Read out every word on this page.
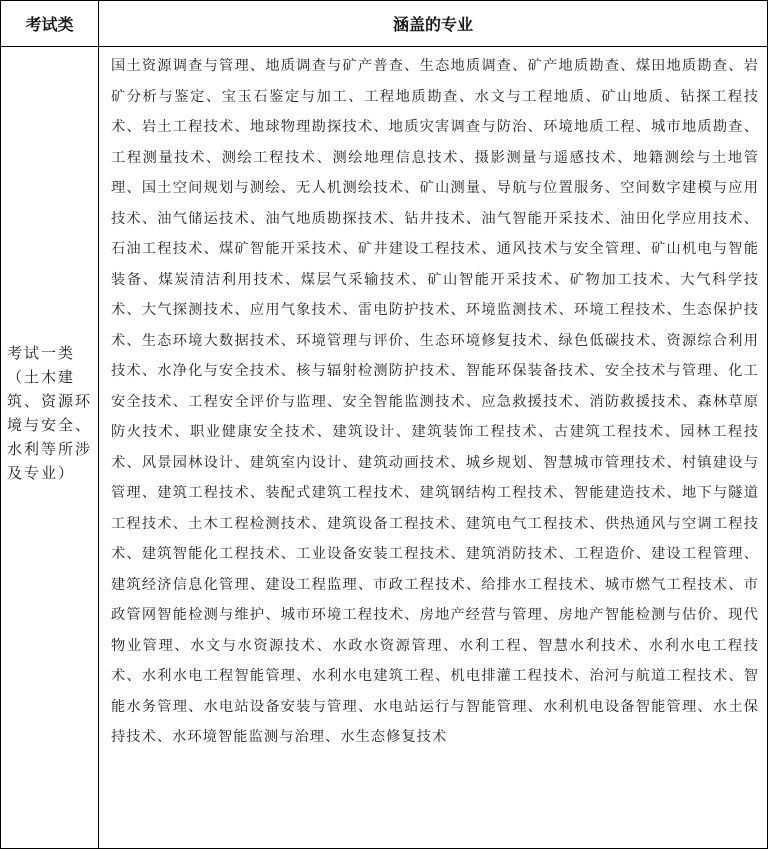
考试类	涵盖的专业
考试一类（土木建筑、资源环境与安全、水利等所涉及专业）
国土资源调查与管理、地质调查与矿产普查、生态地质调查、矿产地质勘查、煤田地质勘查、岩矿分析与鉴定、宝玉石鉴定与加工、工程地质勘查、水文与工程地质、矿山地质、钻探工程技术、岩土工程技术、地球物理勘探技术、地质灾害调查与防治、环境地质工程、城市地质勘查、工程测量技术、测绘工程技术、测绘地理信息技术、摄影测量与遥感技术、地籍测绘与土地管理、国土空间规划与测绘、无人机测绘技术、矿山测量、导航与位置服务、空间数字建模与应用技术、油气储运技术、油气地质勘探技术、钻井技术、油气智能开采技术、油田化学应用技术、石油工程技术、煤矿智能开采技术、矿井建设工程技术、通风技术与安全管理、矿山机电与智能装备、煤炭清洁利用技术、煤层气采输技术、矿山智能开采技术、矿物加工技术、大气科学技术、大气探测技术、应用气象技术、雷电防护技术、环境监测技术、环境工程技术、生态保护技术、生态环境大数据技术、环境管理与评价、生态环境修复技术、绿色低碳技术、资源综合利用技术、水净化与安全技术、核与辐射检测防护技术、智能环保装备技术、安全技术与管理、化工安全技术、工程安全评价与监理、安全智能监测技术、应急救援技术、消防救援技术、森林草原防火技术、职业健康安全技术、建筑设计、建筑装饰工程技术、古建筑工程技术、园林工程技术、风景园林设计、建筑室内设计、建筑动画技术、城乡规划、智慧城市管理技术、村镇建设与管理、建筑工程技术、装配式建筑工程技术、建筑钢结构工程技术、智能建造技术、地下与隧道工程技术、土木工程检测技术、建筑设备工程技术、建筑电气工程技术、供热通风与空调工程技术、建筑智能化工程技术、工业设备安装工程技术、建筑消防技术、工程造价、建设工程管理、建筑经济信息化管理、建设工程监理、市政工程技术、给排水工程技术、城市燃气工程技术、市政管网智能检测与维护、城市环境工程技术、房地产经营与管理、房地产智能检测与估价、现代物业管理、水文与水资源技术、水政水资源管理、水利工程、智慧水利技术、水利水电工程技术、水利水电工程智能管理、水利水电建筑工程、机电排灌工程技术、治河与航道工程技术、智能水务管理、水电站设备安装与管理、水电站运行与智能管理、水利机电设备智能管理、水土保持技术、水环境智能监测与治理、水生态修复技术
